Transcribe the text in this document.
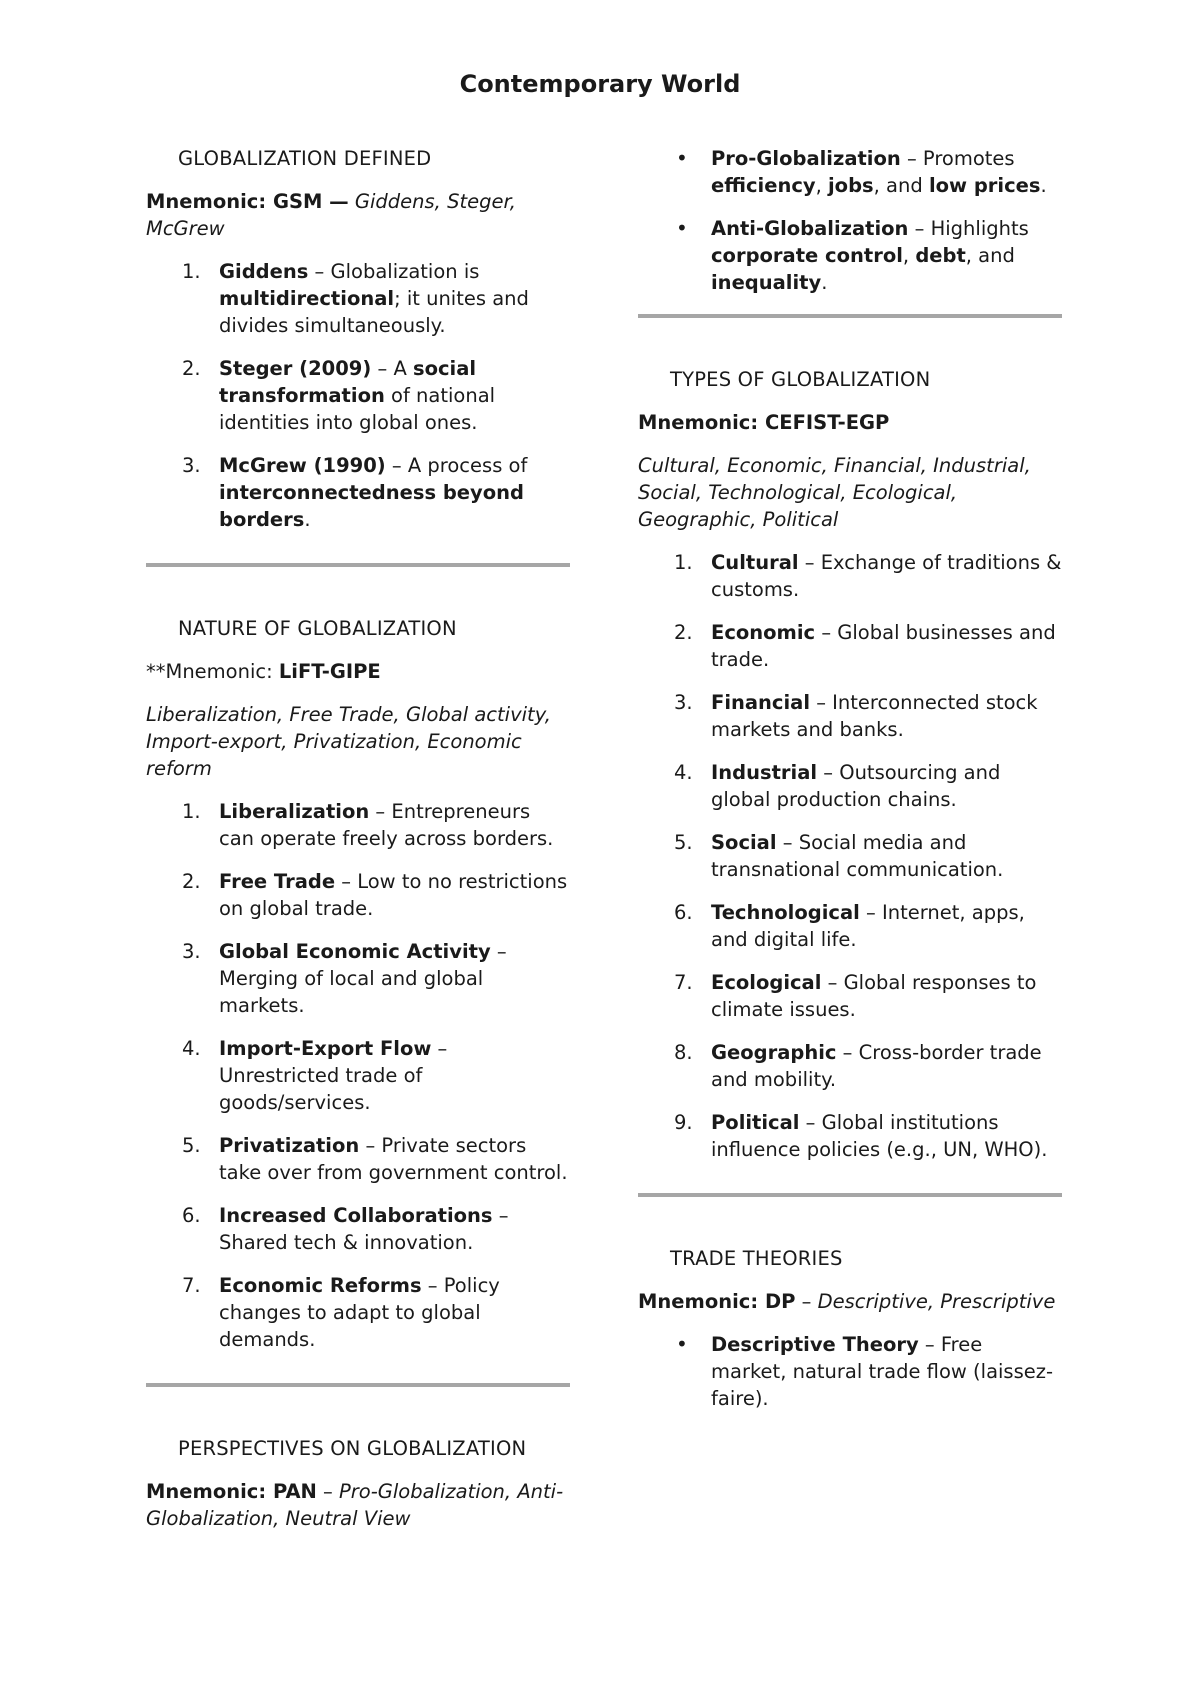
Contemporary World
GLOBALIZATION DEFINED

Mnemonic: GSM — Giddens, Steger, McGrew

1. Giddens – Globalization is multidirectional; it unites and divides simultaneously.
2. Steger (2009) – A social transformation of national identities into global ones.
3. McGrew (1990) – A process of interconnectedness beyond borders.
NATURE OF GLOBALIZATION

**Mnemonic: LiFT-GIPE

Liberalization, Free Trade, Global activity, Import-export, Privatization, Economic reform

1. Liberalization – Entrepreneurs can operate freely across borders.
2. Free Trade – Low to no restrictions on global trade.
3. Global Economic Activity – Merging of local and global markets.
4. Import-Export Flow – Unrestricted trade of goods/services.
5. Privatization – Private sectors take over from government control.
6. Increased Collaborations – Shared tech & innovation.
7. Economic Reforms – Policy changes to adapt to global demands.
PERSPECTIVES ON GLOBALIZATION

Mnemonic: PAN – Pro-Globalization, Anti-Globalization, Neutral View

• Pro-Globalization – Promotes efficiency, jobs, and low prices.
• Anti-Globalization – Highlights corporate control, debt, and inequality.
TYPES OF GLOBALIZATION

Mnemonic: CEFIST-EGP

Cultural, Economic, Financial, Industrial, Social, Technological, Ecological, Geographic, Political

1. Cultural – Exchange of traditions & customs.
2. Economic – Global businesses and trade.
3. Financial – Interconnected stock markets and banks.
4. Industrial – Outsourcing and global production chains.
5. Social – Social media and transnational communication.
6. Technological – Internet, apps, and digital life.
7. Ecological – Global responses to climate issues.
8. Geographic – Cross-border trade and mobility.
9. Political – Global institutions influence policies (e.g., UN, WHO).
TRADE THEORIES

Mnemonic: DP – Descriptive, Prescriptive

• Descriptive Theory – Free market, natural trade flow (laissez-faire).
